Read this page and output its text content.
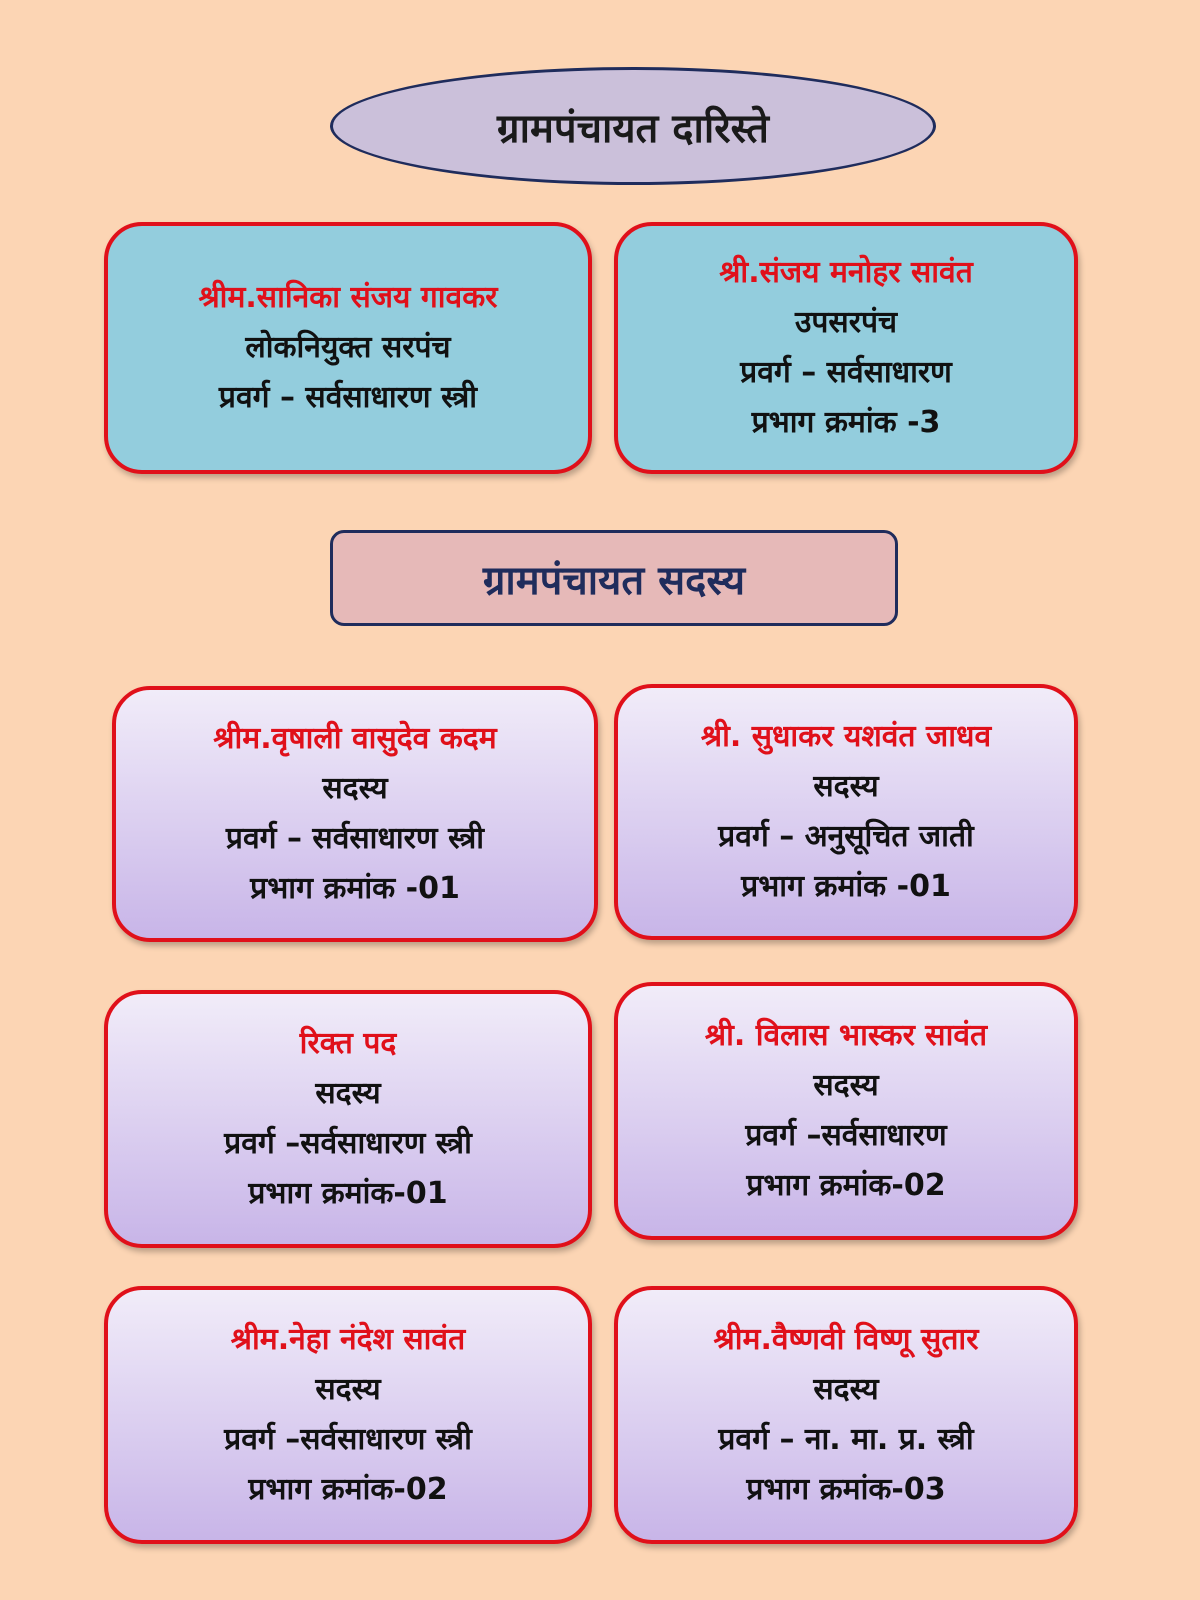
ग्रामपंचायत दारिस्ते
श्रीम.सानिका संजय गावकर
लोकनियुक्त सरपंच
प्रवर्ग – सर्वसाधारण स्त्री
श्री.संजय मनोहर सावंत
उपसरपंच
प्रवर्ग – सर्वसाधारण
प्रभाग क्रमांक -3
ग्रामपंचायत सदस्य
श्रीम.वृषाली वासुदेव कदम
सदस्य
प्रवर्ग – सर्वसाधारण स्त्री
प्रभाग क्रमांक -01
श्री. सुधाकर यशवंत जाधव
सदस्य
प्रवर्ग – अनुसूचित जाती
प्रभाग क्रमांक -01
रिक्त पद
सदस्य
प्रवर्ग –सर्वसाधारण स्त्री
प्रभाग क्रमांक-01
श्री. विलास भास्कर सावंत
सदस्य
प्रवर्ग –सर्वसाधारण
प्रभाग क्रमांक-02
श्रीम.नेहा नंदेश सावंत
सदस्य
प्रवर्ग –सर्वसाधारण स्त्री
प्रभाग क्रमांक-02
श्रीम.वैष्णवी विष्णू सुतार
सदस्य
प्रवर्ग – ना. मा. प्र. स्त्री
प्रभाग क्रमांक-03
